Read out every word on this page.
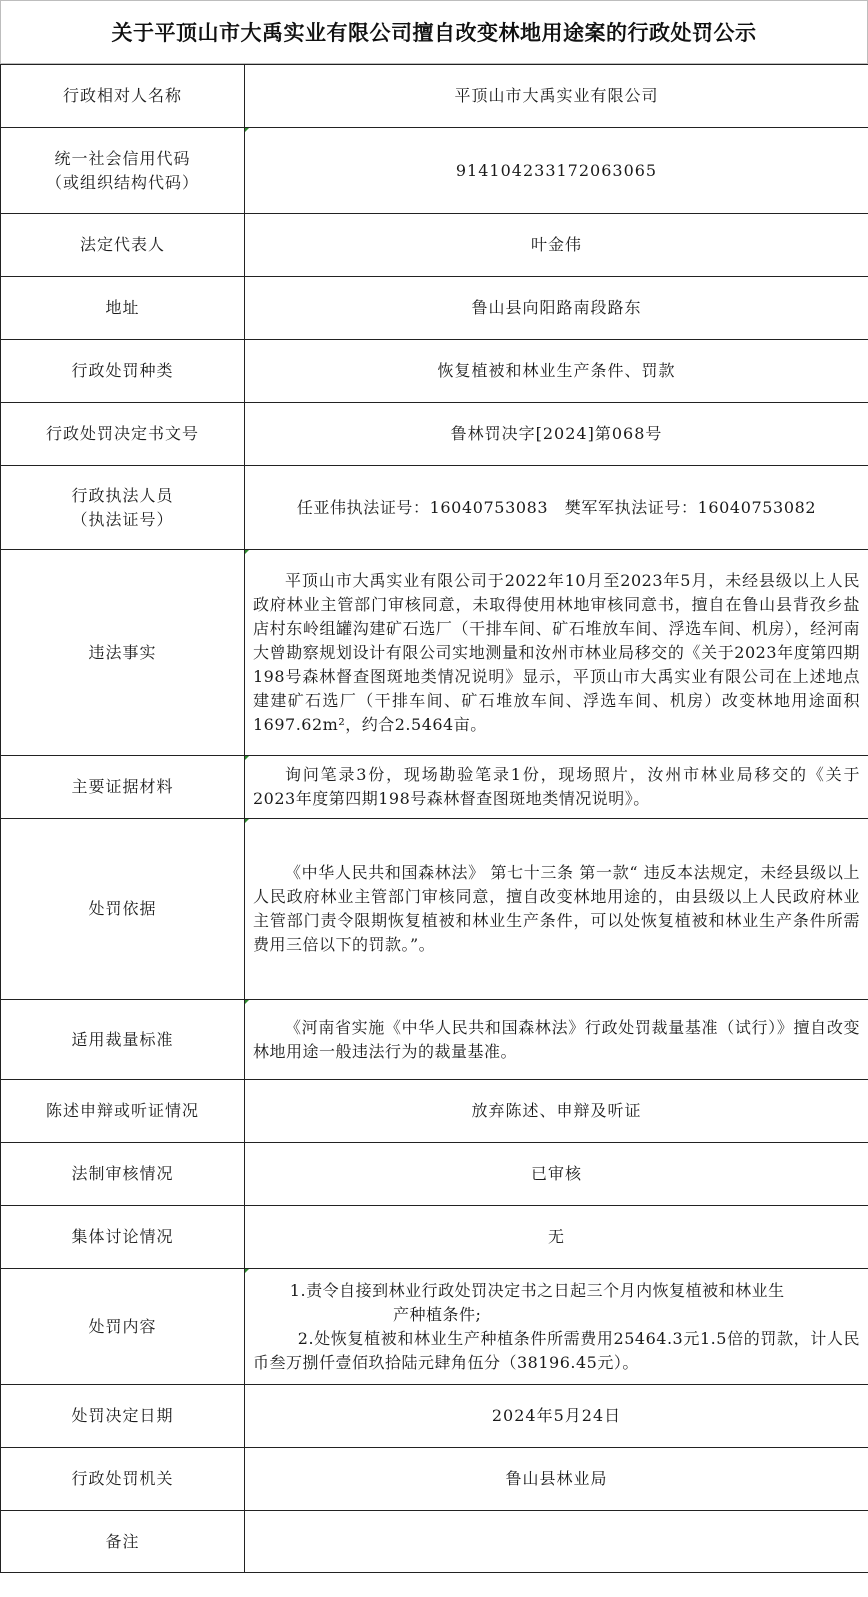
关于平顶山市大禹实业有限公司擅自改变林地用途案的行政处罚公示
行政相对人名称	平顶山市大禹实业有限公司

统一社会信用代码
（或组织结构代码）	914104233172063065
法定代表人	叶金伟
地址	鲁山县向阳路南段路东
行政处罚种类	恢复植被和林业生产条件、罚款
行政处罚决定书文号	鲁林罚决字[2024]第068号

行政执法人员
（执法证号）	任亚伟执法证号：16040753083　樊军军执法证号：16040753082
违法事实	平顶山市大禹实业有限公司于2022年10月至2023年5月，未经县级以上人民政府林业主管部门审核同意，未取得使用林地审核同意书，擅自在鲁山县背孜乡盐店村东岭组罐沟建矿石选厂（干排车间、矿石堆放车间、浮选车间、机房），经河南大曾勘察规划设计有限公司实地测量和汝州市林业局移交的《关于2023年度第四期198号森林督查图斑地类情况说明》显示，平顶山市大禹实业有限公司在上述地点建建矿石选厂（干排车间、矿石堆放车间、浮选车间、机房）改变林地用途面积1697.62m²，约合2.5464亩。

主要证据材料	询问笔录3份，现场勘验笔录1份，现场照片，汝州市林业局移交的《关于2023年度第四期198号森林督查图斑地类情况说明》。

处罚依据	《中华人民共和国森林法》 第七十三条 第一款“ 违反本法规定，未经县级以上人民政府林业主管部门审核同意，擅自改变林地用途的，由县级以上人民政府林业主管部门责令限期恢复植被和林业生产条件，可以处恢复植被和林业生产条件所需费用三倍以下的罚款。”。

适用裁量标准	《河南省实施《中华人民共和国森林法》行政处罚裁量基准（试行）》擅自改变林地用途一般违法行为的裁量基准。

陈述申辩或听证情况	放弃陈述、申辩及听证
法制审核情况	已审核
集体讨论情况	无
处罚内容	1.责令自接到林业行政处罚决定书之日起三个月内恢复植被和林业生
产种植条件;
2.处恢复植被和林业生产种植条件所需费用25464.3元1.5倍的罚款，计人民币叁万捌仟壹佰玖拾陆元肆角伍分（38196.45元）。

处罚决定日期	2024年5月24日
行政处罚机关	鲁山县林业局
备注	
